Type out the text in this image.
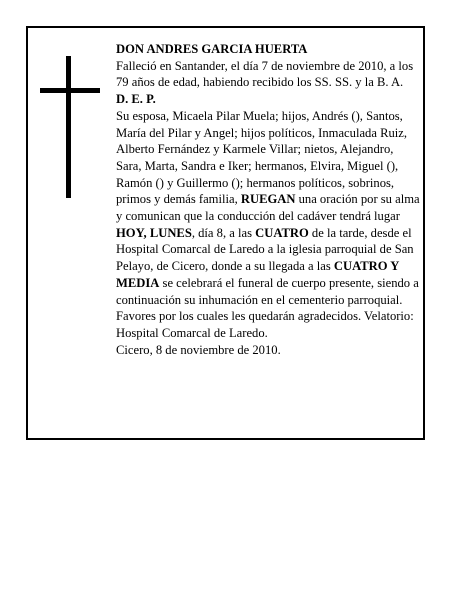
DON ANDRES GARCIA HUERTA

Falleció en Santander, el día 7 de noviembre de 2010, a los 79 años de edad, habiendo recibido los SS. SS. y la B. A.

D. E. P.

Su esposa, Micaela Pilar Muela; hijos, Andrés (), Santos, María del Pilar y Angel; hijos políticos, Inmaculada Ruiz, Alberto Fernández y Karmele Villar; nietos, Alejandro, Sara, Marta, Sandra e Iker; hermanos, Elvira, Miguel (), Ramón () y Guillermo (); hermanos políticos, sobrinos, primos y demás familia, RUEGAN una oración por su alma y comunican que la conducción del cadáver tendrá lugar HOY, LUNES, día 8, a las CUATRO de la tarde, desde el Hospital Comarcal de Laredo a la iglesia parroquial de San Pelayo, de Cicero, donde a su llegada a las CUATRO Y MEDIA se celebrará el funeral de cuerpo presente, siendo a continuación su inhumación en el cementerio parroquial. Favores por los cuales les quedarán agradecidos. Velatorio: Hospital Comarcal de Laredo.

Cicero, 8 de noviembre de 2010.
